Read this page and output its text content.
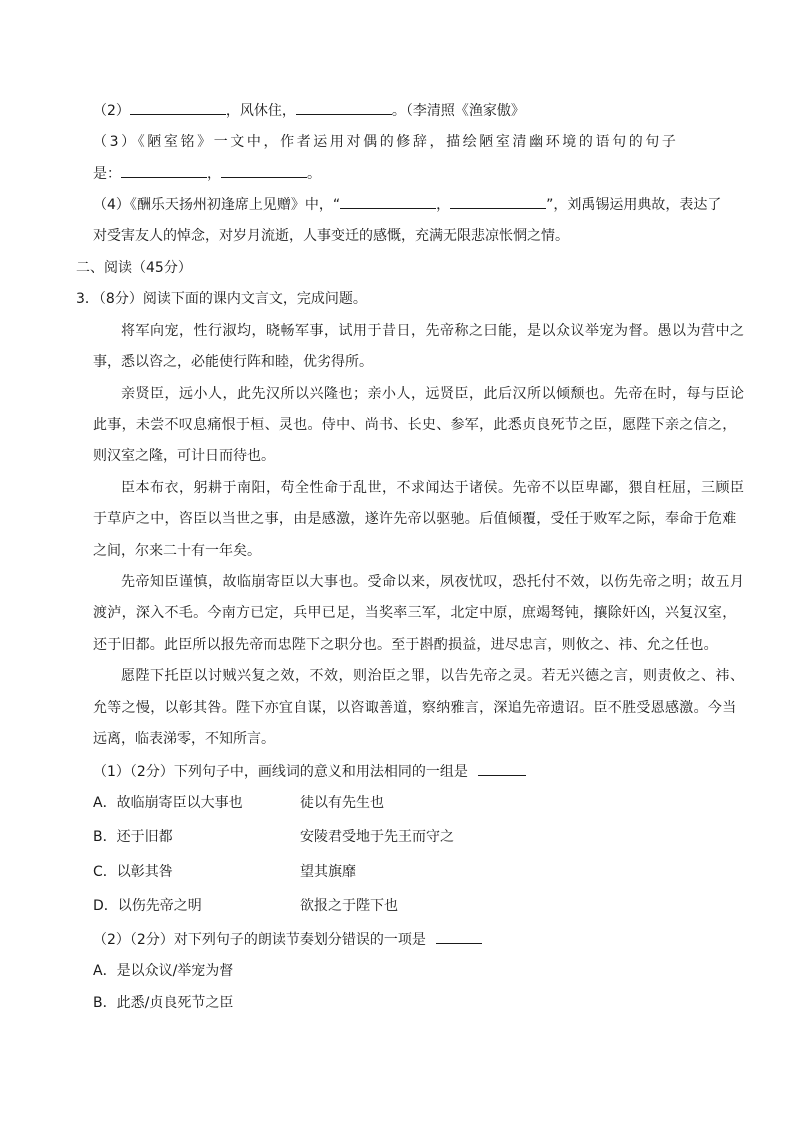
（2）	，风休住，	。（李清照《渔家傲》
（3）《陋室铭》一文中，作者运用对偶的修辞，描绘陋室清幽环境的语句的句子
是：	，	。
（4）《酬乐天扬州初逢席上见赠》中，“	，	”，刘禹锡运用典故，表达了
对受害友人的悼念，对岁月流逝，人事变迁的感慨，充满无限悲凉怅惘之情。
二、阅读（45分）
3．（8分）阅读下面的课内文言文，完成问题。
将军向宠，性行淑均，晓畅军事，试用于昔日，先帝称之曰能，是以众议举宠为督。愚以为营中之
事，悉以咨之，必能使行阵和睦，优劣得所。
亲贤臣，远小人，此先汉所以兴隆也；亲小人，远贤臣，此后汉所以倾颓也。先帝在时，每与臣论
此事，未尝不叹息痛恨于桓、灵也。侍中、尚书、长史、参军，此悉贞良死节之臣，愿陛下亲之信之，
则汉室之隆，可计日而待也。
臣本布衣，躬耕于南阳，苟全性命于乱世，不求闻达于诸侯。先帝不以臣卑鄙，猥自枉屈，三顾臣
于草庐之中，咨臣以当世之事，由是感激，遂许先帝以驱驰。后值倾覆，受任于败军之际，奉命于危难
之间，尔来二十有一年矣。
先帝知臣谨慎，故临崩寄臣以大事也。受命以来，夙夜忧叹，恐托付不效，以伤先帝之明；故五月
渡泸，深入不毛。今南方已定，兵甲已足，当奖率三军，北定中原，庶竭驽钝，攘除奸凶，兴复汉室，
还于旧都。此臣所以报先帝而忠陛下之职分也。至于斟酌损益，进尽忠言，则攸之、祎、允之任也。
愿陛下托臣以讨贼兴复之效，不效，则治臣之罪，以告先帝之灵。若无兴德之言，则责攸之、祎、
允等之慢，以彰其咎。陛下亦宜自谋，以咨诹善道，察纳雅言，深追先帝遗诏。臣不胜受恩感激。今当
远离，临表涕零，不知所言。
（1）（2分）下列句子中，画线词的意义和用法相同的一组是
A．故临崩寄臣以大事也	徒以有先生也
B．还于旧都	安陵君受地于先王而守之
C．以彰其咎	望其旗靡
D．以伤先帝之明	欲报之于陛下也
（2）（2分）对下列句子的朗读节奏划分错误的一项是
A．是以众议/举宠为督
B．此悉/贞良死节之臣
